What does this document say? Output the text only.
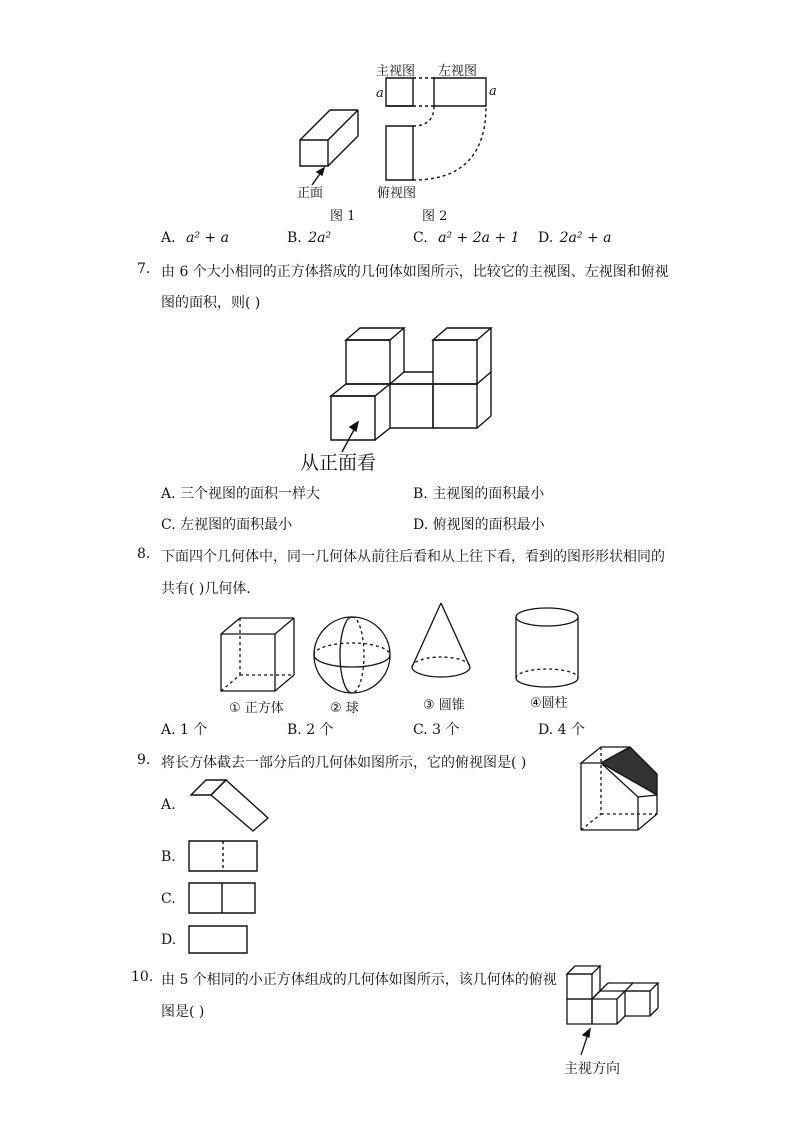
主视图 左视图
a	a
俯视图
正面
图 1	图 2
A. a² + a	B. 2a²	C. a² + 2a + 1 D. 2a² + a
7. 由 6 个大小相同的正方体搭成的几何体如图所示，比较它的主视图、左视图和俯视
图的面积，则( )
从正面看
A. 三个视图的面积一样大	B. 主视图的面积最小
C. 左视图的面积最小	D. 俯视图的面积最小
8. 下面四个几何体中，同一几何体从前往后看和从上往下看，看到的图形形状相同的
共有( )几何体．
① 正方体	② 球	③ 圆锥	④圆柱
A. 1 个	B. 2 个	C. 3 个	D. 4 个
9. 将长方体截去一部分后的几何体如图所示，它的俯视图是( )
A.
B.
C.
D.
10. 由 5 个相同的小正方体组成的几何体如图所示，该几何体的俯视
图是( )
主视方向
